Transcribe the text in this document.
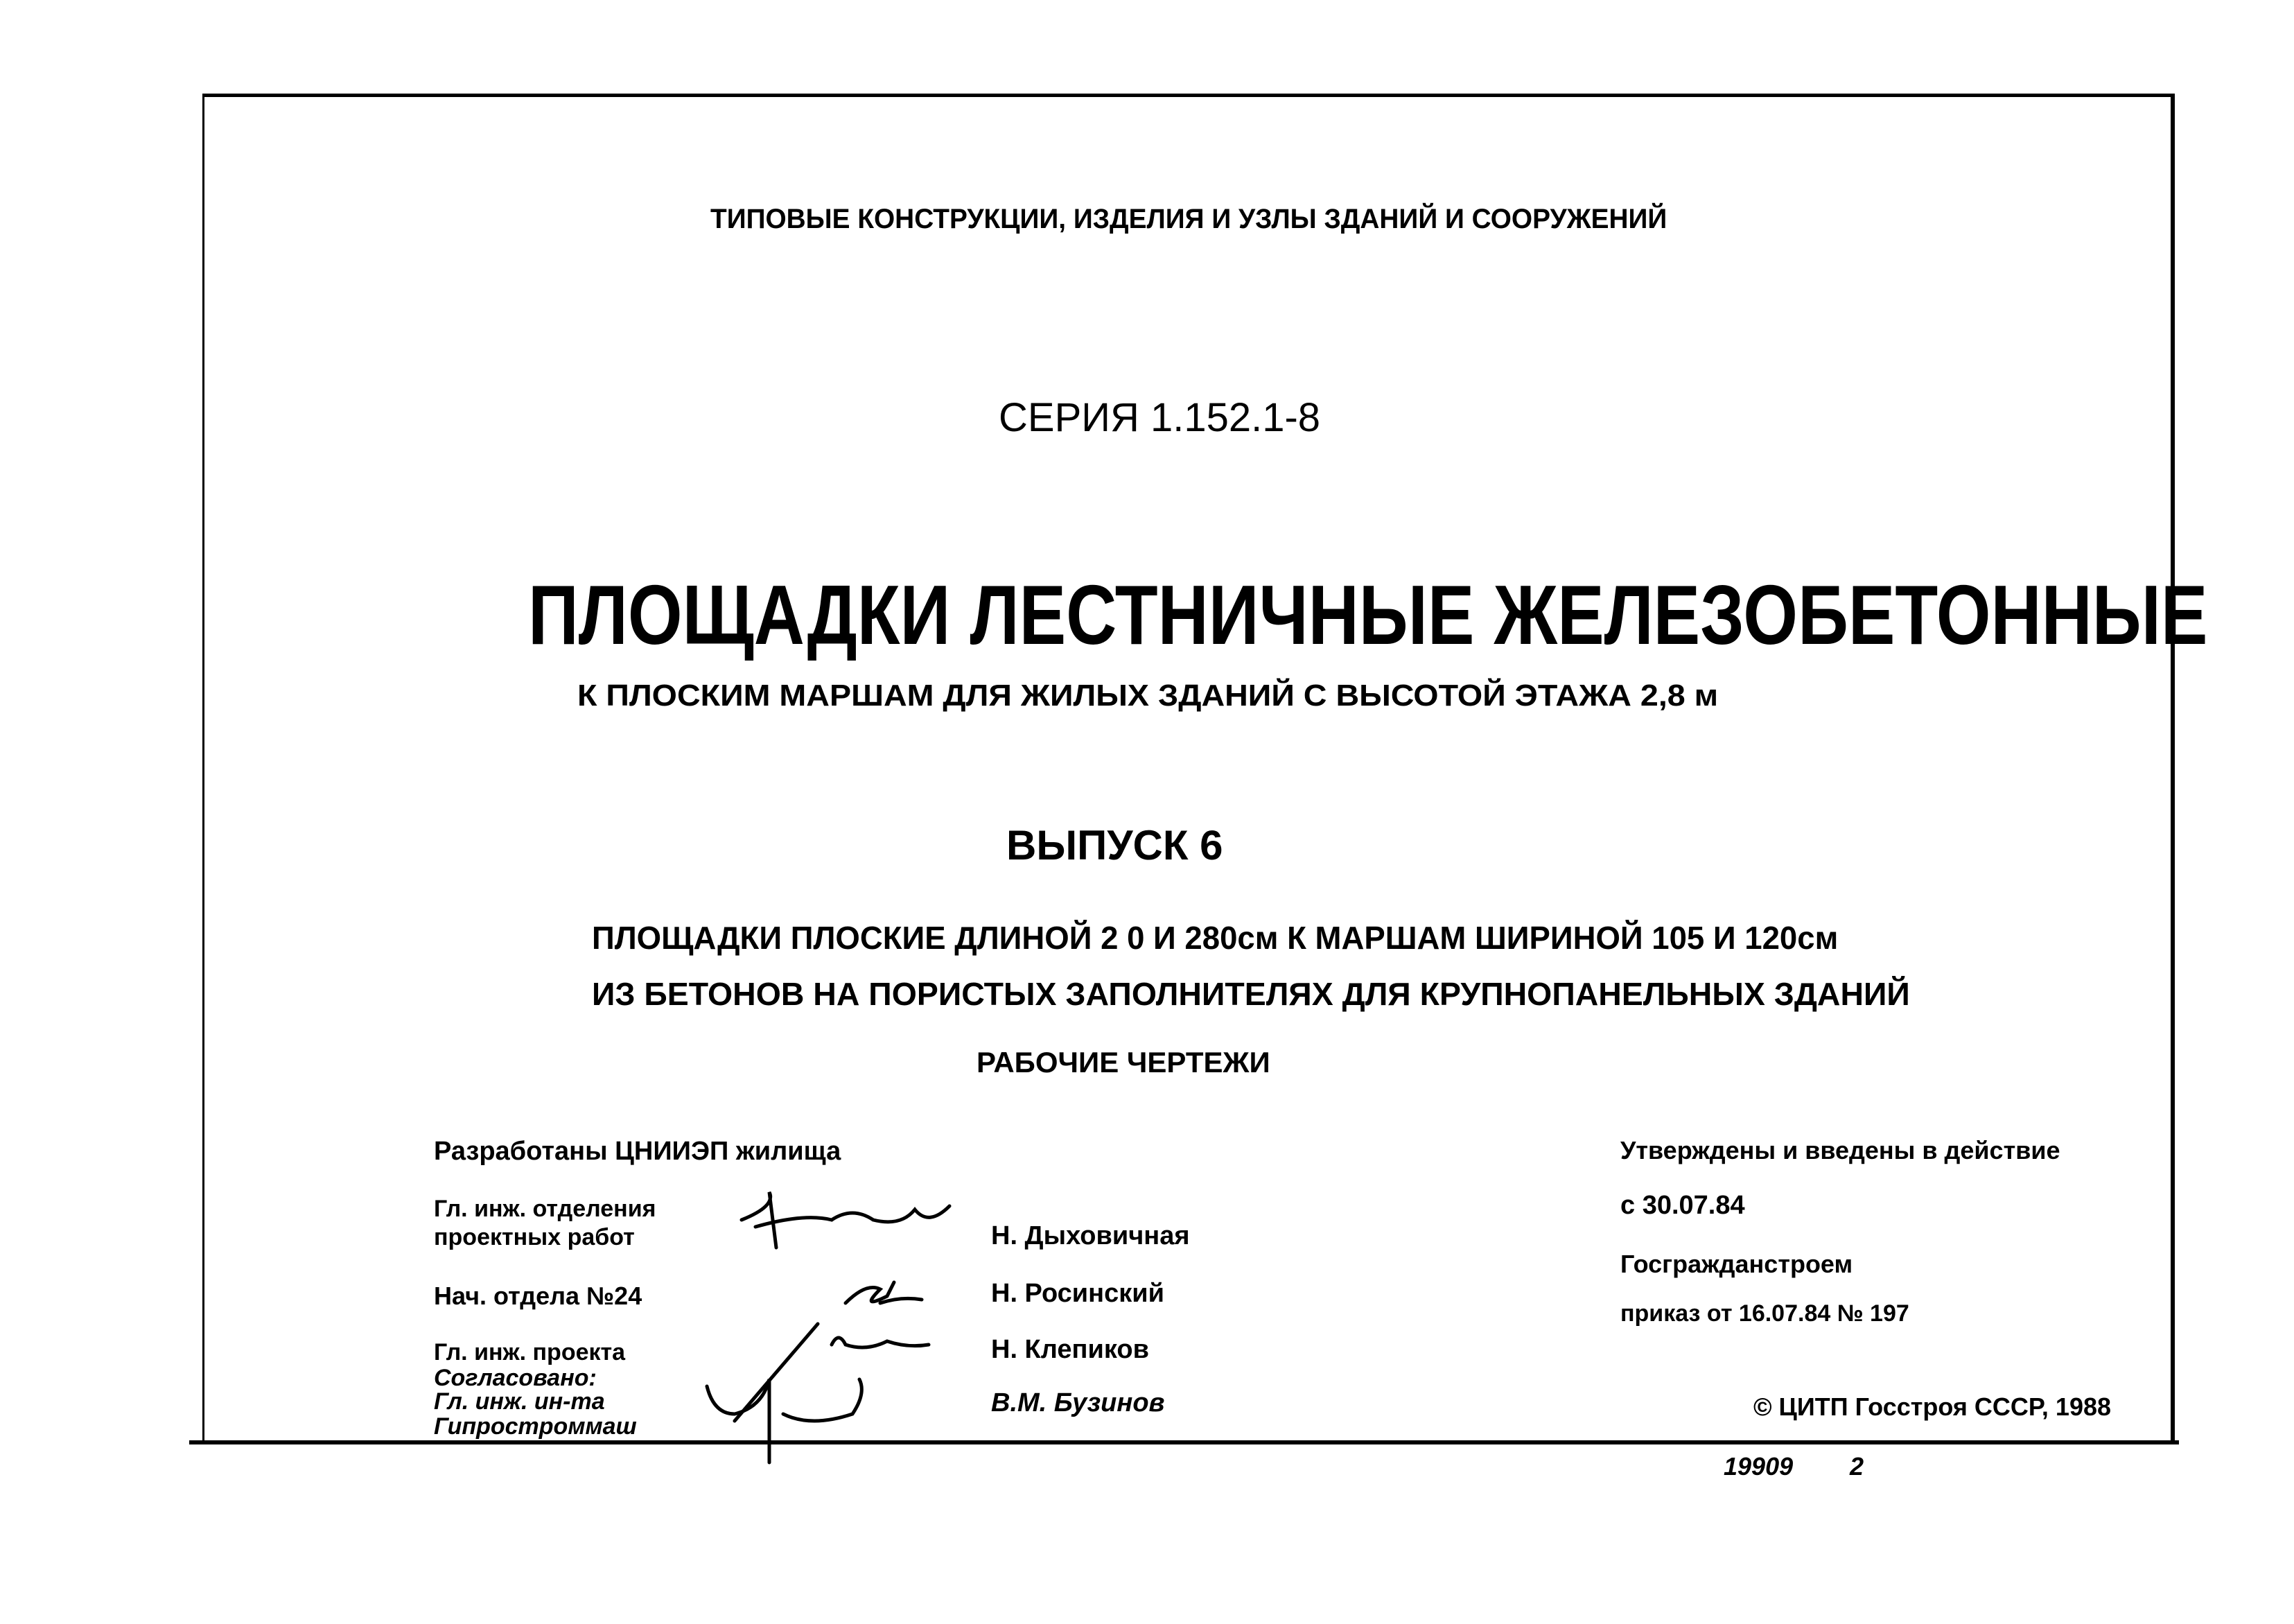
ТИПОВЫЕ КОНСТРУКЦИИ, ИЗДЕЛИЯ И УЗЛЫ ЗДАНИЙ И СООРУЖЕНИЙ
СЕРИЯ 1.152.1-8
ПЛОЩАДКИ ЛЕСТНИЧНЫЕ ЖЕЛЕЗОБЕТОННЫЕ
К ПЛОСКИМ МАРШАМ ДЛЯ ЖИЛЫХ ЗДАНИЙ С ВЫСОТОЙ ЭТАЖА 2,8 м
ВЫПУСК 6
ПЛОЩАДКИ ПЛОСКИЕ ДЛИНОЙ 2 0 И 280см К МАРШАМ ШИРИНОЙ 105 И 120см
ИЗ БЕТОНОВ НА ПОРИСТЫХ ЗАПОЛНИТЕЛЯХ ДЛЯ КРУПНОПАНЕЛЬНЫХ ЗДАНИЙ
РАБОЧИЕ ЧЕРТЕЖИ
Разработаны ЦНИИЭП жилища
Гл. инж. отделения
проектных работ
Нач. отдела №24
Гл. инж. проекта
Согласовано:
Гл. инж. ин-та
Гипростроммаш
Н. Дыховичная
Н. Росинский
Н. Клепиков
В.М. Бузинов
Утверждены и введены в действие
с 30.07.84
Госгражданстроем
приказ от 16.07.84 № 197
© ЦИТП Госстроя СССР, 1988
19909 2
